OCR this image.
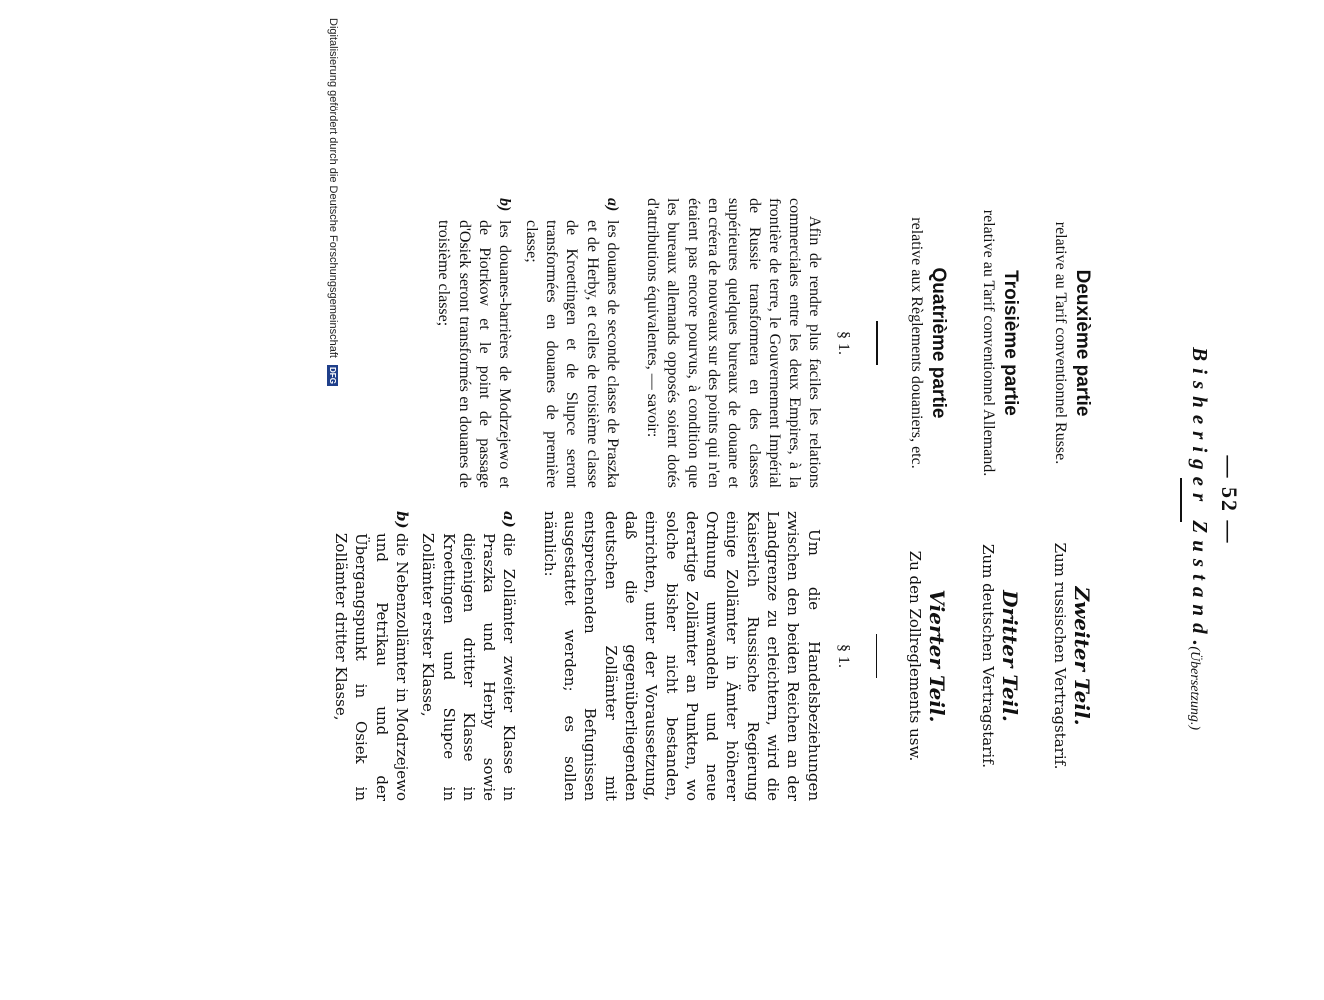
— 52 —
Bisheriger Zustand.
(Übersetzung.)
Deuxième partie
relative au Tarif conventionnel Russe.
Troisième partie
relative au Tarif conventionnel Allemand.
Quatrième partie
relative aux Règlements douaniers, etc.
§ 1.

Afin de rendre plus faciles les relations commerciales entre les deux Empires, à la frontière de terre, le Gouvernement Impérial de Russie transformera en des classes supérieures quelques bureaux de douane et en créera de nouveaux sur des points qui n'en étaient pas encore pourvus, à condition que les bureaux allemands opposés soient dotés d'attributions équivalentes, — savoir:

a)
les douanes de seconde classe de Praszka et de Herby, et celles de troisième classe de Kroettingen et de Slupce seront transformées en douanes de première classe;
b)
les douanes-barrières de Modrzejewo et de Piotrkow et le point de passage d'Osiek seront transformés en douanes de troisième classe;
Zweiter Teil.
Zum russischen Vertragstarif.
Dritter Teil.
Zum deutschen Vertragstarif.
Vierter Teil.
Zu den Zollreglements usw.
§ 1.

Um die Handelsbeziehungen zwischen den beiden Reichen an der Landgrenze zu erleichtern, wird die Kaiserlich Russische Regierung einige Zollämter in Ämter höherer Ordnung umwandeln und neue derartige Zollämter an Punkten, wo solche bisher nicht bestanden, einrichten, unter der Voraussetzung, daß die gegenüberliegenden deutschen Zollämter mit entsprechenden Befugnissen ausgestattet werden; es sollen nämlich:

a)
die Zollämter zweiter Klasse in Praszka und Herby sowie diejenigen dritter Klasse in Kroettingen und Slupce in Zollämter erster Klasse,
b)
die Nebenzollämter in Modrzejewo und Petrikau und der Übergangspunkt in Osiek in Zollämter dritter Klasse,
Digitalisierung gefördert durch die Deutsche Forschungsgemeinschaft DFG
